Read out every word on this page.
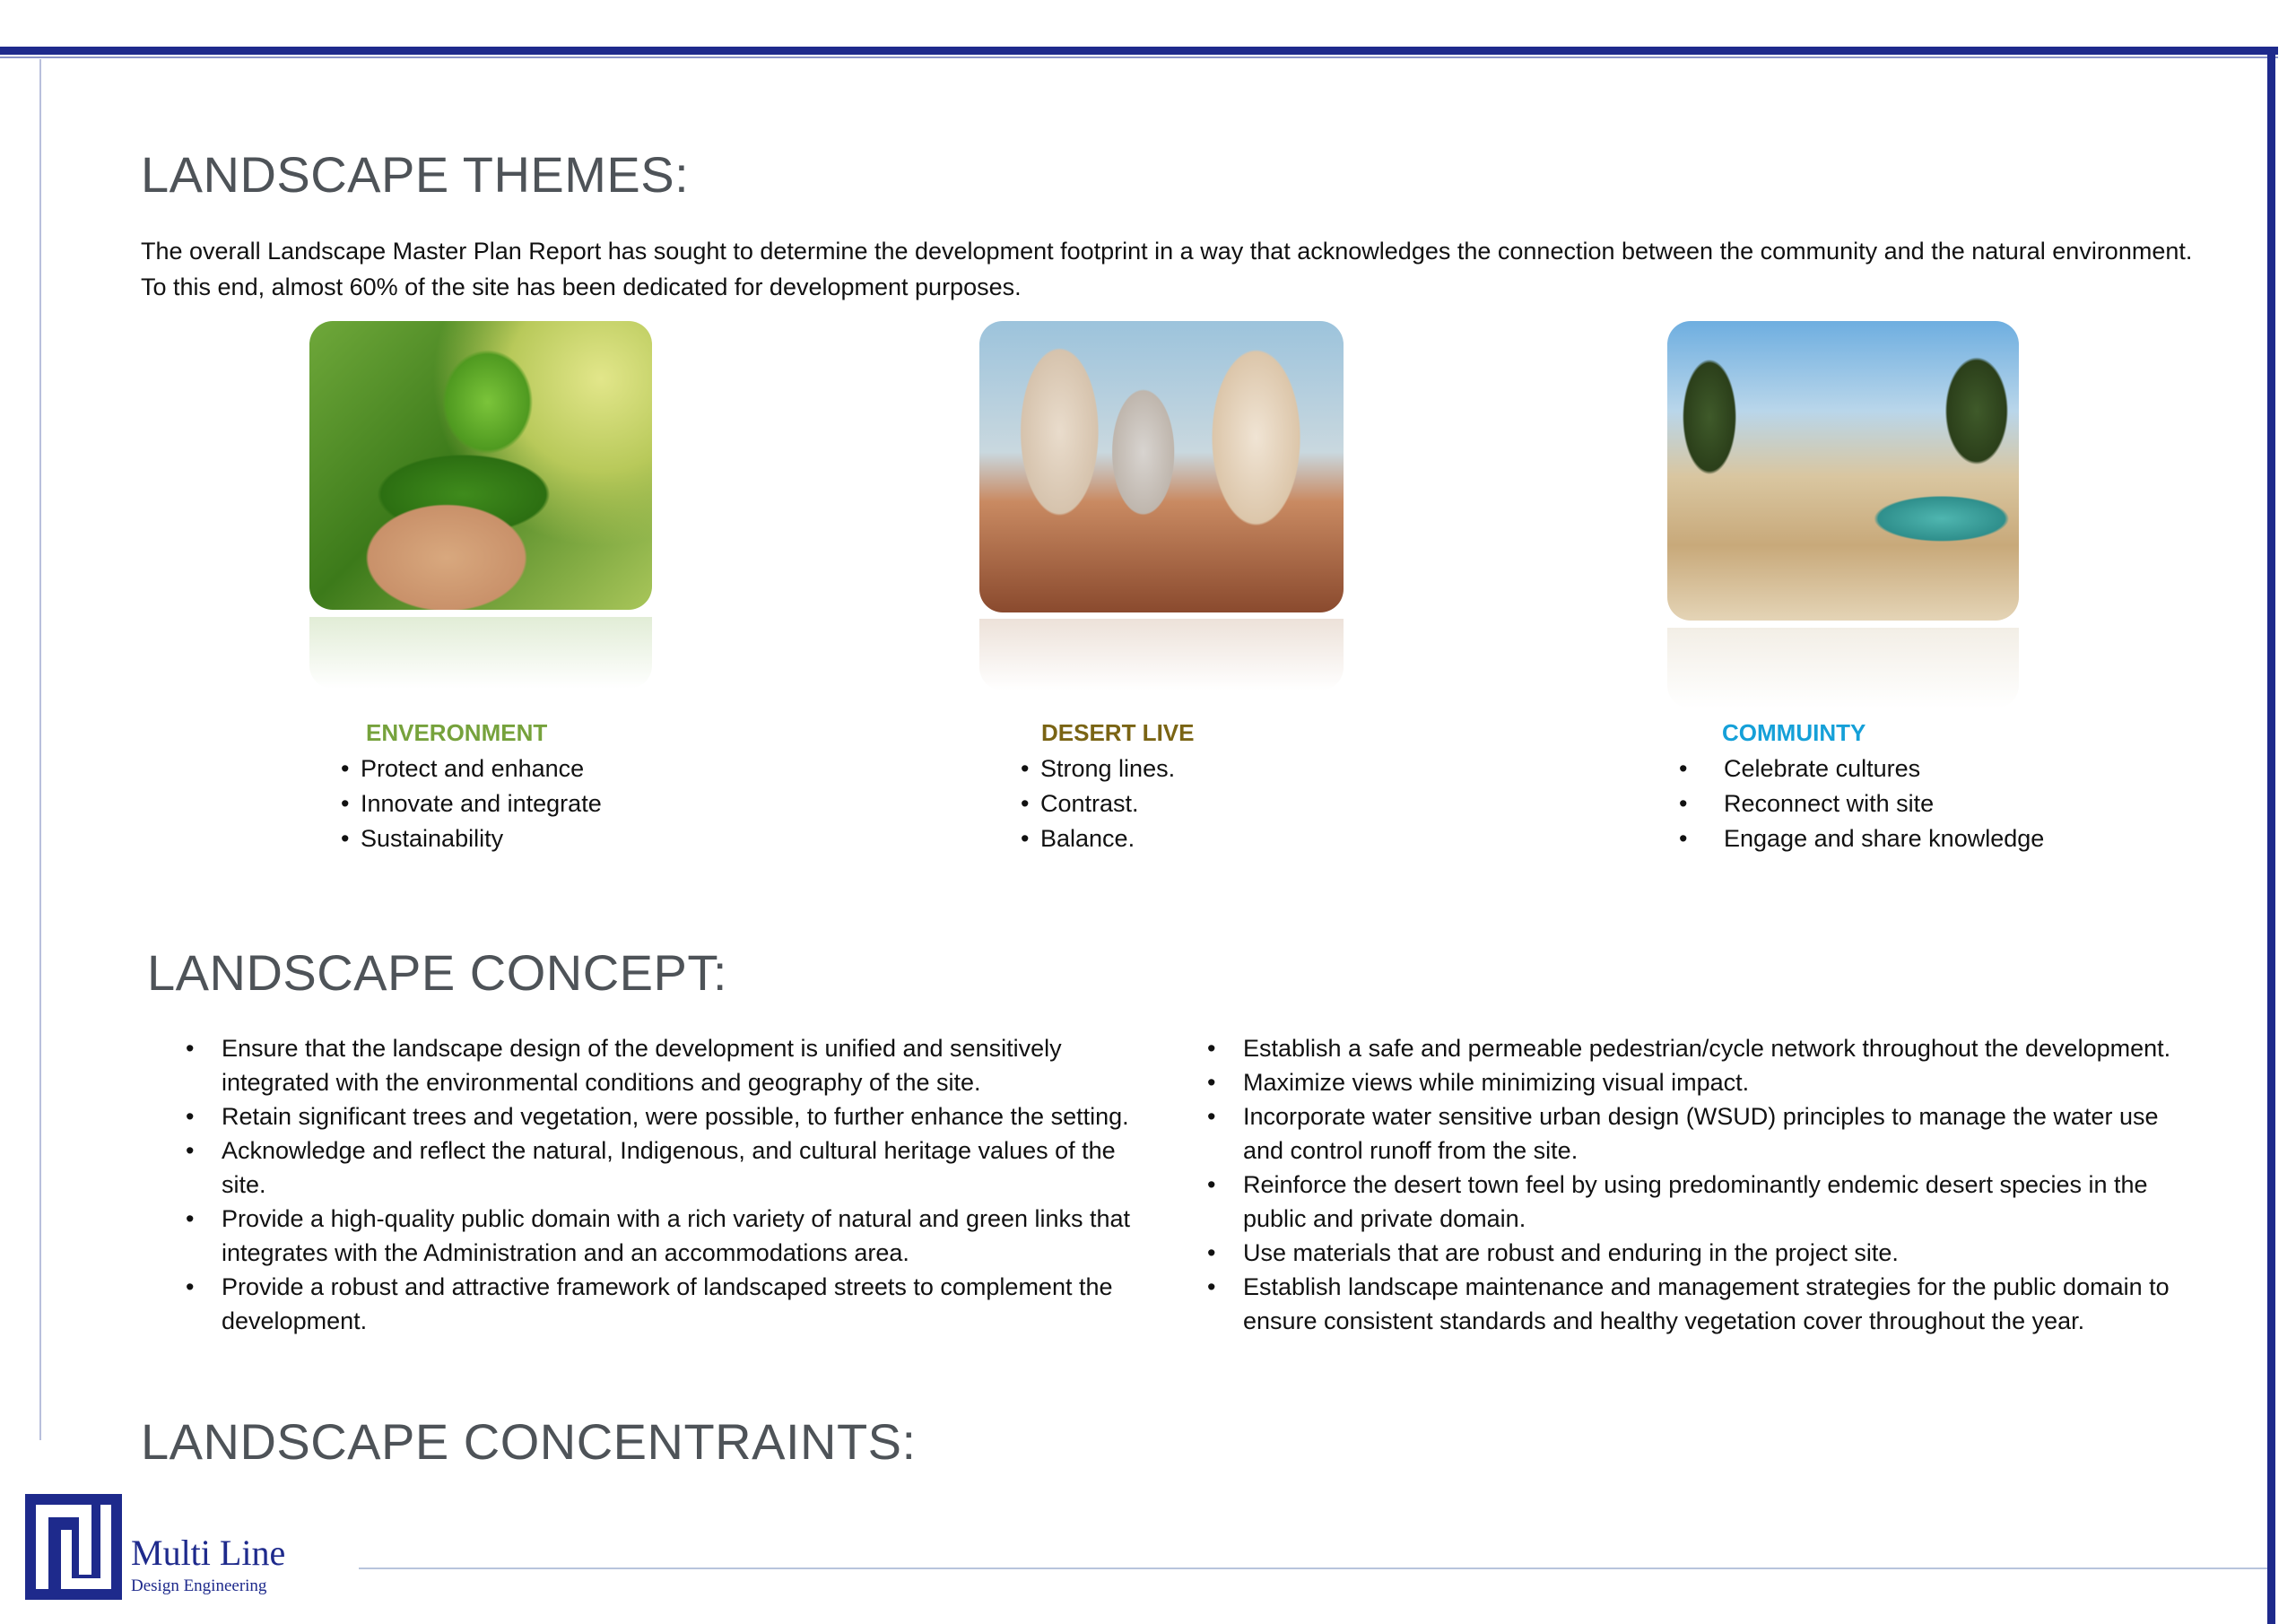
LANDSCAPE THEMES:
The overall Landscape Master Plan Report has sought to determine the development footprint in a way that acknowledges the connection between the community and the natural environment. To this end, almost 60% of the site has been dedicated for development purposes.
ENVERONMENT
• Protect and enhance
• Innovate and integrate
• Sustainability
DESERT LIVE
• Strong lines.
• Contrast.
• Balance.
COMMUINTY
• Celebrate cultures
• Reconnect with site
• Engage and share knowledge
LANDSCAPE CONCEPT:
• Ensure that the landscape design of the development is unified and sensitively integrated with the environmental conditions and geography of the site.
• Retain significant trees and vegetation, were possible, to further enhance the setting.
• Acknowledge and reflect the natural, Indigenous, and cultural heritage values of the site.
• Provide a high-quality public domain with a rich variety of natural and green links that integrates with the Administration and an accommodations area.
• Provide a robust and attractive framework of landscaped streets to complement the development.
• Establish a safe and permeable pedestrian/cycle network throughout the development.
• Maximize views while minimizing visual impact.
• Incorporate water sensitive urban design (WSUD) principles to manage the water use and control runoff from the site.
• Reinforce the desert town feel by using predominantly endemic desert species in the public and private domain.
• Use materials that are robust and enduring in the project site.
• Establish landscape maintenance and management strategies for the public domain to ensure consistent standards and healthy vegetation cover throughout the year.
LANDSCAPE CONCENTRAINTS:
Multi Line
Design Engineering
